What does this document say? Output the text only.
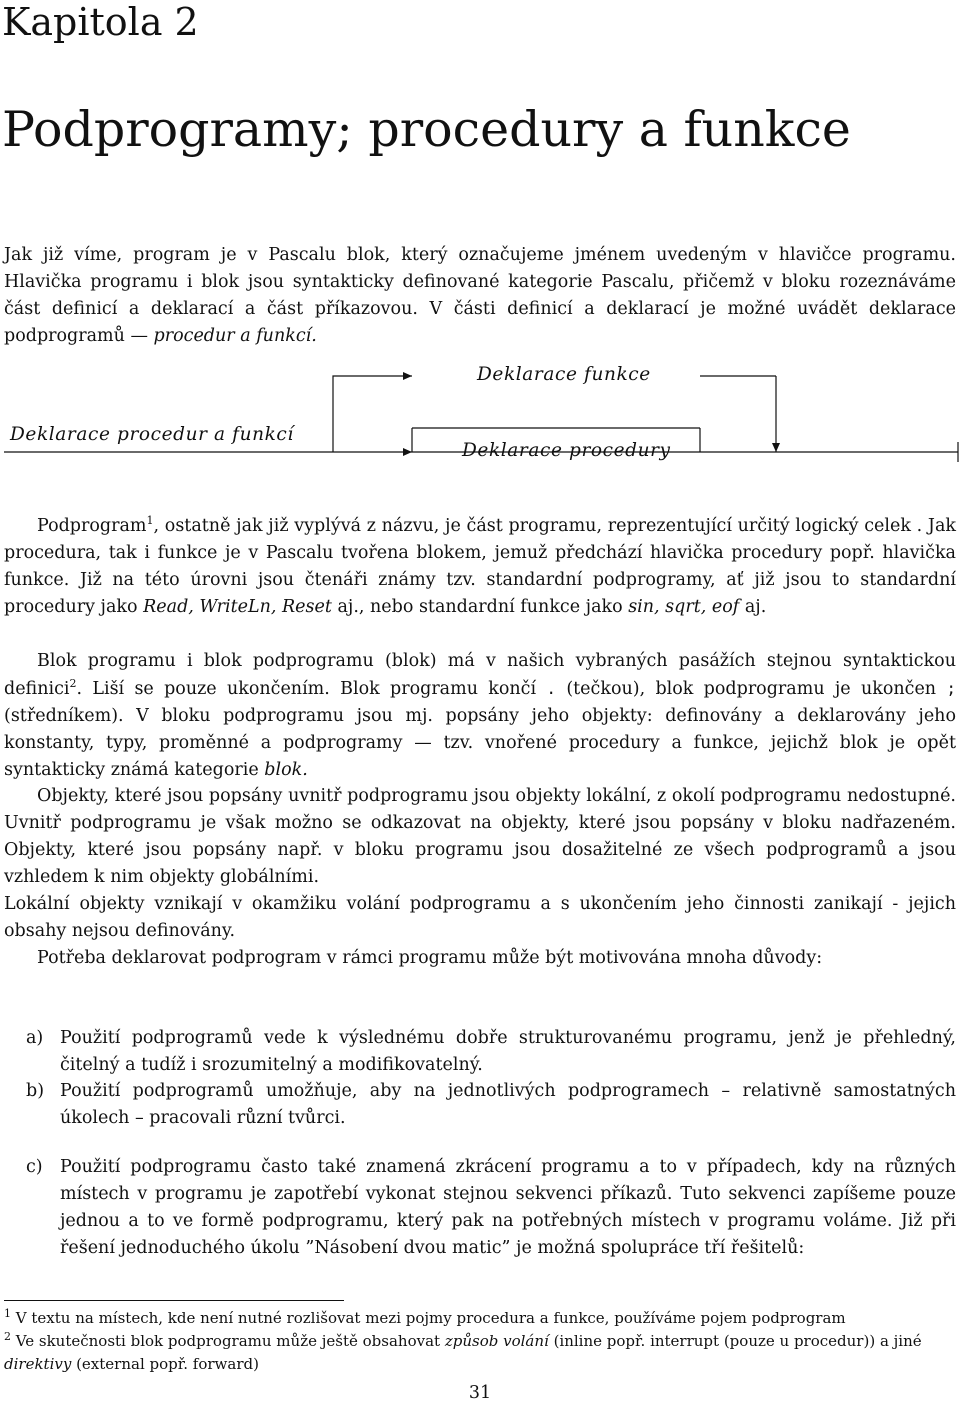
Kapitola 2
Podprogramy; procedury a funkce
Jak již víme, program je v Pascalu blok, který označujeme jménem uvedeným v hlavičce programu. Hlavička programu i blok jsou syntakticky definované kategorie Pascalu, přičemž v bloku rozeznáváme část definicí a deklarací a část příkazovou. V části definicí a deklarací je možné uvádět deklarace podprogramů — procedur a funkcí.
Deklarace procedur a funkcí
Deklarace funkce
Deklarace procedury
Podprogram$^1$, ostatně jak již vyplývá z názvu, je část programu, reprezentující určitý logický celek . Jak procedura, tak i funkce je v Pascalu tvořena blokem, jemuž předchází hlavička procedury popř. hlavička funkce. Již na této úrovni jsou čtenáři známy tzv. standardní podprogramy, ať již jsou to standardní procedury jako Read, WriteLn, Reset aj., nebo standardní funkce jako sin, sqrt, eof aj.
Blok programu i blok podprogramu (blok) má v našich vybraných pasážích stejnou syntaktickou definici$^2$. Liší se pouze ukončením. Blok programu končí . (tečkou), blok podprogramu je ukončen ; (středníkem). V bloku podprogramu jsou mj. popsány jeho objekty: definovány a deklarovány jeho konstanty, typy, proměnné a podprogramy — tzv. vnořené procedury a funkce, jejichž blok je opět syntakticky známá kategorie blok.
Objekty, které jsou popsány uvnitř podprogramu jsou objekty lokální, z okolí podprogramu nedostupné. Uvnitř podprogramu je však možno se odkazovat na objekty, které jsou popsány v bloku nadřazeném. Objekty, které jsou popsány např. v bloku programu jsou dosažitelné ze všech podprogramů a jsou vzhledem k nim objekty globálními.
Lokální objekty vznikají v okamžiku volání podprogramu a s ukončením jeho činnosti zanikají - jejich obsahy nejsou definovány.
Potřeba deklarovat podprogram v rámci programu může být motivována mnoha důvody:
a) Použití podprogramů vede k výslednému dobře strukturovanému programu, jenž je přehledný, čitelný a tudíž i srozumitelný a modifikovatelný.
b) Použití podprogramů umožňuje, aby na jednotlivých podprogramech – relativně samostatných úkolech – pracovali různí tvůrci.
c) Použití podprogramu často také znamená zkrácení programu a to v případech, kdy na různých místech v programu je zapotřebí vykonat stejnou sekvenci příkazů. Tuto sekvenci zapíšeme pouze jednou a to ve formě podprogramu, který pak na potřebných místech v programu voláme. Již při řešení jednoduchého úkolu ”Násobení dvou matic” je možná spolupráce tří řešitelů:
$^1$ V textu na místech, kde není nutné rozlišovat mezi pojmy procedura a funkce, používáme pojem podprogram
$^2$ Ve skutečnosti blok podprogramu může ještě obsahovat způsob volání (inline popř. interrupt (pouze u procedur)) a jiné direktivy (external popř. forward)
31
